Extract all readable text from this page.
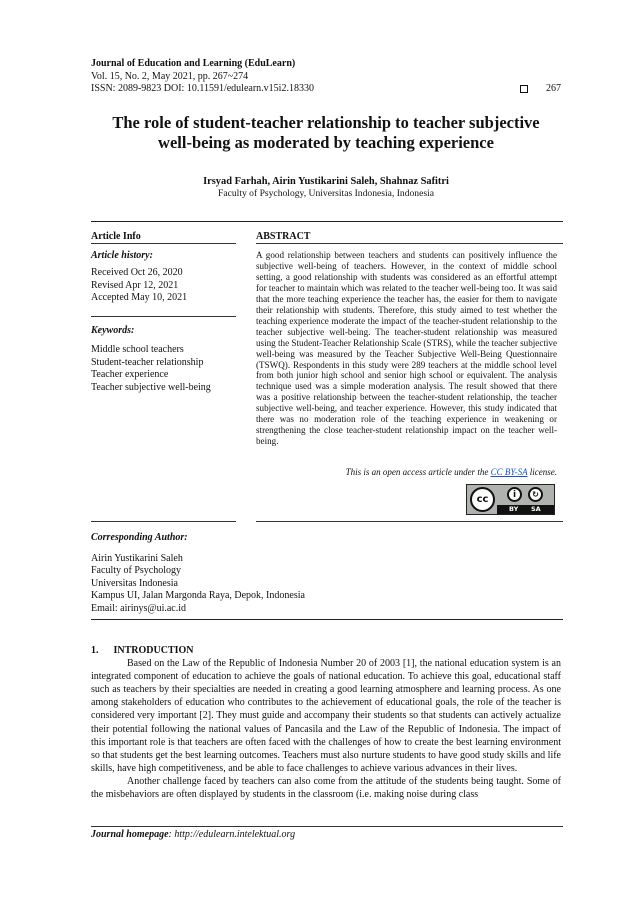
Journal of Education and Learning (EduLearn)
Vol. 15, No. 2, May 2021, pp. 267~274
ISSN: 2089-9823 DOI: 10.11591/edulearn.v15i2.18330	267
The role of student-teacher relationship to teacher subjective
well-being as moderated by teaching experience
Irsyad Farhah, Airin Yustikarini Saleh, Shahnaz Safitri
Faculty of Psychology, Universitas Indonesia, Indonesia
Article Info
Article history:
Received Oct 26, 2020
Revised Apr 12, 2021
Accepted May 10, 2021
Keywords:
Middle school teachers
Student-teacher relationship
Teacher experience
Teacher subjective well-being
ABSTRACT
A good relationship between teachers and students can positively influence the subjective well-being of teachers. However, in the context of middle school setting, a good relationship with students was considered as an effortful attempt for teacher to maintain which was related to the teacher well-being too. It was said that the more teaching experience the teacher has, the easier for them to navigate their relationship with students. Therefore, this study aimed to test whether the teaching experience moderate the impact of the teacher-student relationship to the teacher subjective well-being. The teacher-student relationship was measured using the Student-Teacher Relationship Scale (STRS), while the teacher subjective well-being was measured by the Teacher Subjective Well-Being Questionnaire (TSWQ). Respondents in this study were 289 teachers at the middle school level from both junior high school and senior high school or equivalent. The analysis technique used was a simple moderation analysis. The result showed that there was a positive relationship between the teacher-student relationship, the teacher subjective well-being, and teacher experience. However, this study indicated that there was no moderation role of the teaching experience in weakening or strengthening the close teacher-student relationship impact on the teacher well-being.
This is an open access article under the CC BY-SA license.
cc	i	↻
BY SA
Corresponding Author:
Airin Yustikarini Saleh
Faculty of Psychology
Universitas Indonesia
Kampus UI, Jalan Margonda Raya, Depok, Indonesia
Email: airinys@ui.ac.id
1.      INTRODUCTION

Based on the Law of the Republic of Indonesia Number 20 of 2003 [1], the national education system is an integrated component of education to achieve the goals of national education. To achieve this goal, educational staff such as teachers by their specialties are needed in creating a good learning atmosphere and learning process. As one among stakeholders of education who contributes to the achievement of educational goals, the role of the teacher is considered very important [2]. They must guide and accompany their students so that students can actively actualize their potential following the national values of Pancasila and the Law of the Republic of Indonesia. The impact of this important role is that teachers are often faced with the challenges of how to create the best learning environment so that students get the best learning outcomes. Teachers must also nurture students to have good study skills and life skills, have high competitiveness, and be able to face challenges to achieve various advances in their lives.

Another challenge faced by teachers can also come from the attitude of the students being taught. Some of the misbehaviors are often displayed by students in the classroom (i.e. making noise during class

Journal homepage: http://edulearn.intelektual.org
